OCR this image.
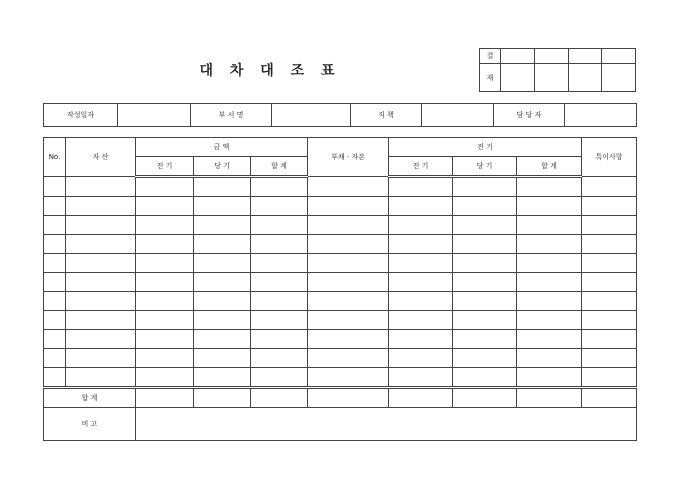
대 차 대 조 표
결				
재				
작성일자		부 서 명		직 책		담 당 자	
No.	자 산	금 액			부채 · 자본	전 기			특이사항
		전 기	당 기	합 계		전 기	당 기	합 계	

합 계									
비 고									
